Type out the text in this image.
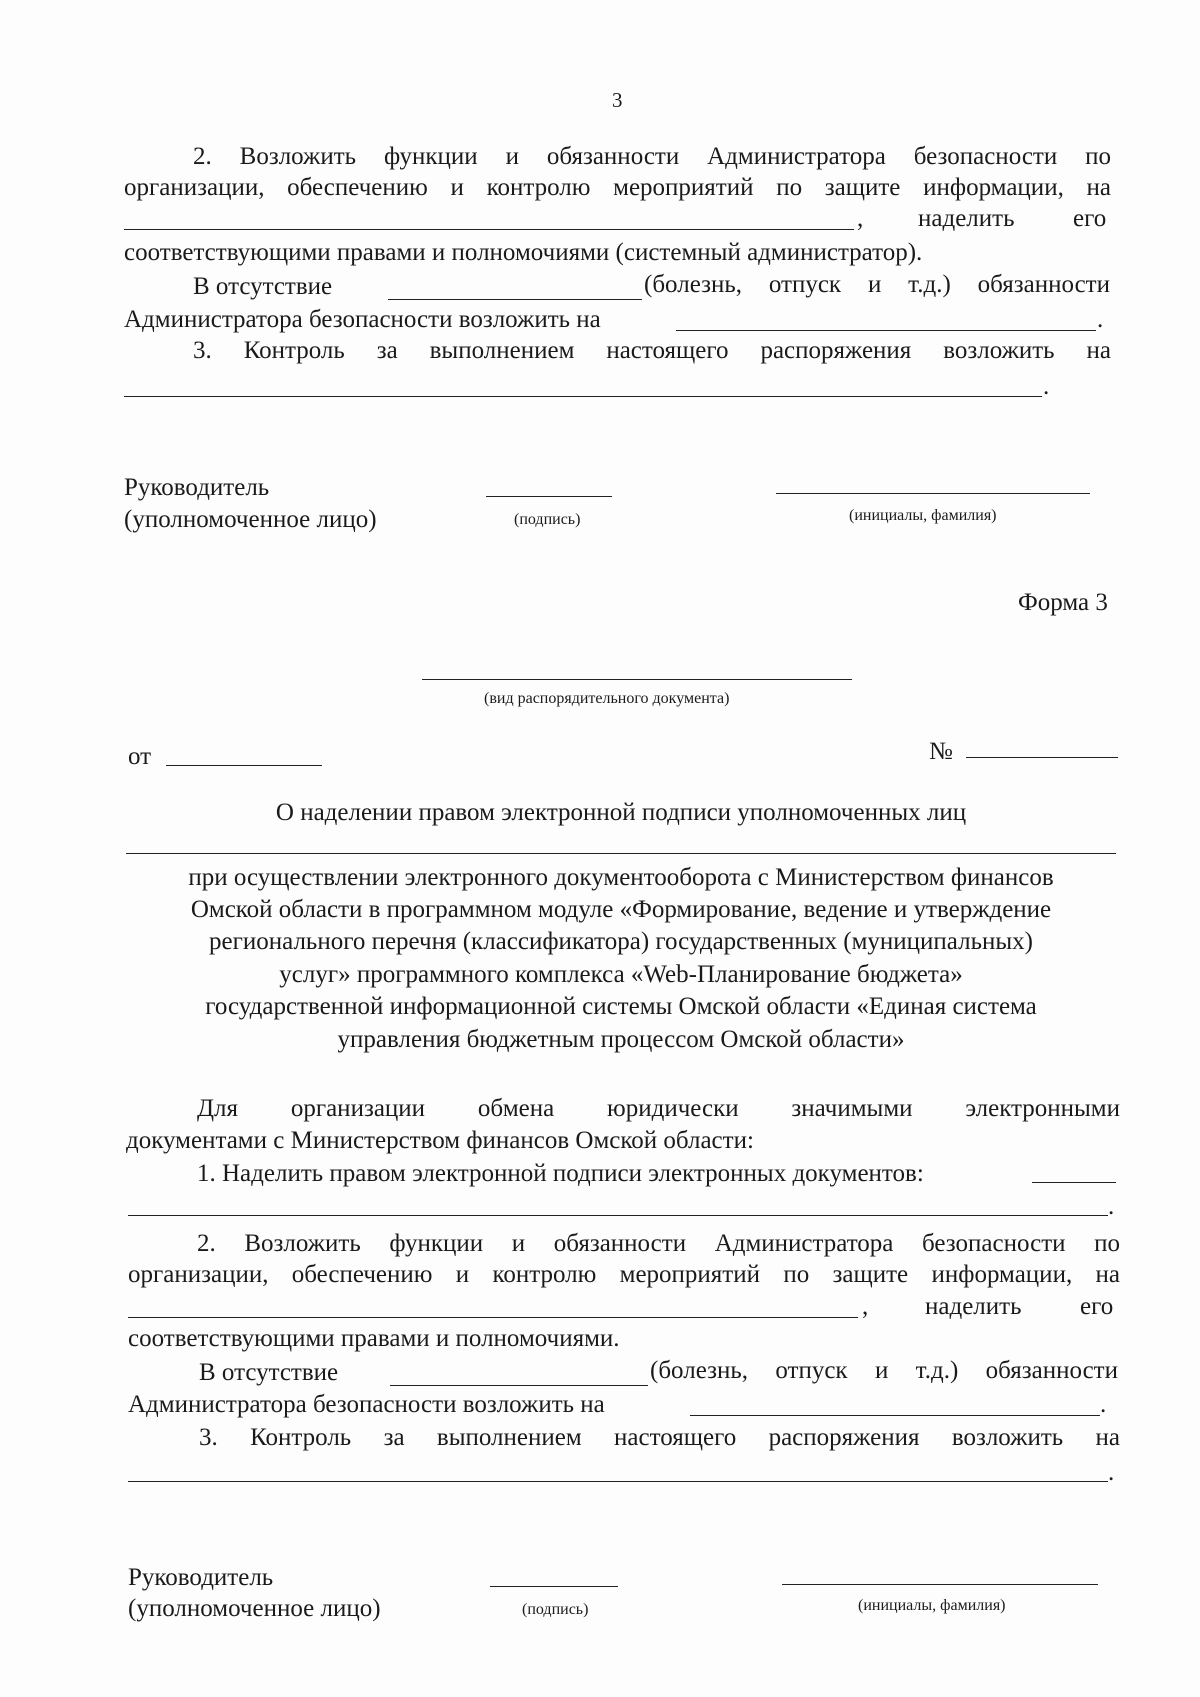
3
2. Возложить функции и обязанности Администратора безопасности по
организации, обеспечению и контролю мероприятий по защите информации, на
, наделить его
соответствующими правами и полномочиями (системный администратор).
В отсутствие	(болезнь, отпуск и т.д.) обязанности
Администратора безопасности возложить на	.
3. Контроль за выполнением настоящего распоряжения возложить на
.
Руководитель
(уполномоченное лицо)	(подпись)	(инициалы, фамилия)
Форма 3
(вид распорядительного документа)
от	№
О наделении правом электронной подписи уполномоченных лиц
при осуществлении электронного документооборота с Министерством финансов
Омской области в программном модуле «Формирование, ведение и утверждение
регионального перечня (классификатора) государственных (муниципальных)
услуг» программного комплекса «Web-Планирование бюджета»
государственной информационной системы Омской области «Единая система
управления бюджетным процессом Омской области»
Для организации обмена юридически значимыми электронными
документами с Министерством финансов Омской области:
1. Наделить правом электронной подписи электронных документов:
.
2. Возложить функции и обязанности Администратора безопасности по
организации, обеспечению и контролю мероприятий по защите информации, на
, наделить его
соответствующими правами и полномочиями.
В отсутствие	(болезнь, отпуск и т.д.) обязанности
Администратора безопасности возложить на	.
3. Контроль за выполнением настоящего распоряжения возложить на
.
Руководитель
(уполномоченное лицо)	(подпись)	(инициалы, фамилия)
